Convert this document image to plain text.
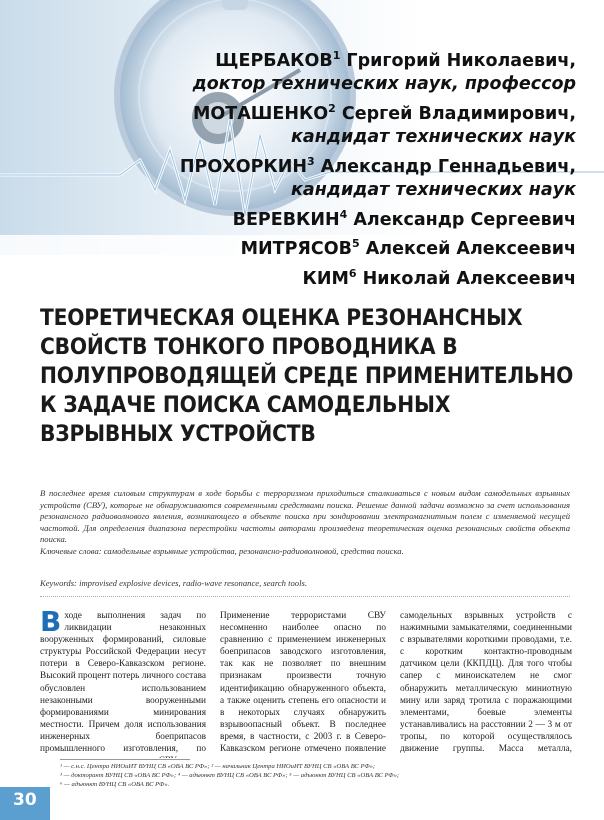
ЩЕРБАКОВ$^1$ Григорий Николаевич,
доктор технических наук, профессор
МОТАШЕНКО$^2$ Сергей Владимирович,
кандидат технических наук
ПРОХОРКИН$^3$ Александр Геннадьевич,
кандидат технических наук
ВЕРЕВКИН$^4$ Александр Сергеевич
МИТРЯСОВ$^5$ Алексей Алексеевич
КИМ$^6$ Николай Алексеевич
ТЕОРЕТИЧЕСКАЯ ОЦЕНКА РЕЗОНАНСНЫХ
СВОЙСТВ ТОНКОГО ПРОВОДНИКА В
ПОЛУПРОВОДЯЩЕЙ СРЕДЕ ПРИМЕНИТЕЛЬНО
К ЗАДАЧЕ ПОИСКА САМОДЕЛЬНЫХ
ВЗРЫВНЫХ УСТРОЙСТВ

В последнее время силовым структурам в ходе борьбы с терроризмом приходиться сталкиваться с новым видом самодельных взрывных устройств (СВУ), которые не обнаруживаются современными средствами поиска. Решение данной задачи возможно за счет использования резонансного радиоволнового явления, возникающего в объекте поиска при зондировании электромагнитным полем с изменяемой несущей частотой. Для определения диапазона перестройки частоты авторами произведена теоретическая оценка резонансных свойств объекта поиска.

Ключевые слова: самодельные взрывные устройства, резонансно-радиоволновой, средства поиска.

Keywords: improvised explosive devices, radio-wave resonance, search tools.
Входе выполнения задач по ликвидации незаконных вооруженных формирований, силовые структуры Российской Федерации несут потери в Северо-Кавказском регионе. Высокий процент потерь личного состава обусловлен использованием незаконными вооруженными формированиями минирования местности. Причем доля использования инженерных боеприпасов промышленного изготовления, по
Применение террористами СВУ несомненно наиболее опасно по сравнению с применением инженерных боеприпасов заводского изготовления, так как не позволяет по внешним признакам произвести точную идентификацию обнаруженного объекта, а также оценить степень его опасности и в некоторых случаях обнаружить взрывоопасный объект. В последнее время, в частности, с 2003 г. в Северо-Кавказском регионе отмечено появление
самодельных взрывных устройств с нажимными замыкателями, соединенными с взрывателями короткими проводами, т.е. с коротким контактно-проводным датчиком цели (ККПДЦ). Для того чтобы сапер с миноискателем не смог обнаружить металлическую миниотную мину или заряд тротила с поражающими элементами, боевые элементы устанавливались на расстоянии 2 — 3 м от тропы, по которой осуществлялось движение группы. Масса металла,
¹ — с.н.с. Центра НИОиИТ ВУНЦ СВ «ОВА ВС РФ»; ² — начальник Центра НИОиИТ ВУНЦ СВ «ОВА ВС РФ»;
³ — докторант ВУНЦ СВ «ОВА ВС РФ»; ⁴ — адъюнкт ВУНЦ СВ «ОВА ВС РФ»; ⁵ — адъюнкт ВУНЦ СВ «ОВА ВС РФ»;
⁶ — адъюнкт ВУНЦ СВ «ОВА ВС РФ».
30
